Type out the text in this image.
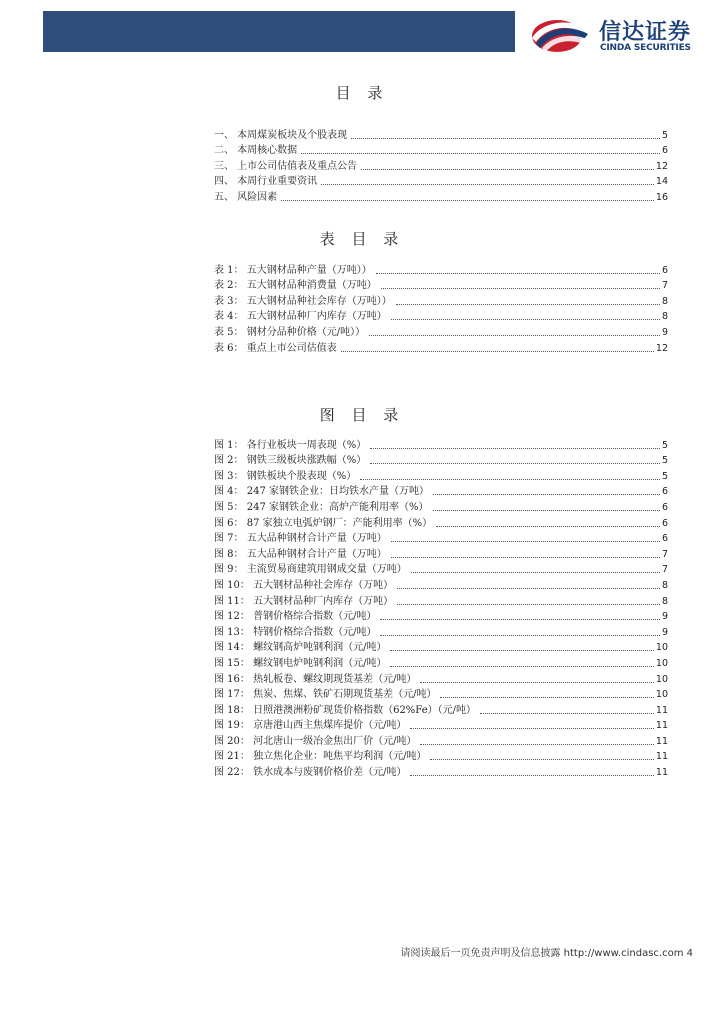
信达证券
CINDA SECURITIES
目 录
一、 本周煤炭板块及个股表现	5
二、 本周核心数据	6
三、 上市公司估值表及重点公告	12
四、 本周行业重要资讯	14
五、 风险因素	16
表 目 录
表 1： 五大钢材品种产量（万吨））	6
表 2： 五大钢材品种消费量（万吨）	7
表 3： 五大钢材品种社会库存（万吨））	8
表 4： 五大钢材品种厂内库存（万吨）	8
表 5： 钢材分品种价格（元/吨））	9
表 6： 重点上市公司估值表	12
图 目 录
图 1： 各行业板块一周表现（%）	5
图 2： 钢铁三级板块涨跌幅（%）	5
图 3： 钢铁板块个股表现（%）	5
图 4： 247 家钢铁企业：日均铁水产量（万吨）	6
图 5： 247 家钢铁企业：高炉产能利用率（%）	6
图 6： 87 家独立电弧炉钢厂：产能利用率（%）	6
图 7： 五大品种钢材合计产量（万吨）	6
图 8： 五大品种钢材合计产量（万吨）	7
图 9： 主流贸易商建筑用钢成交量（万吨）	7
图 10： 五大钢材品种社会库存（万吨）	8
图 11： 五大钢材品种厂内库存（万吨）	8
图 12： 普钢价格综合指数（元/吨）	9
图 13： 特钢价格综合指数（元/吨）	9
图 14： 螺纹钢高炉吨钢利润（元/吨）	10
图 15： 螺纹钢电炉吨钢利润（元/吨）	10
图 16： 热轧板卷、螺纹期现货基差（元/吨）	10
图 17： 焦炭、焦煤、铁矿石期现货基差（元/吨）	10
图 18： 日照港澳洲粉矿现货价格指数（62%Fe）（元/吨）	11
图 19： 京唐港山西主焦煤库提价（元/吨）	11
图 20： 河北唐山一级冶金焦出厂价（元/吨）	11
图 21： 独立焦化企业：吨焦平均利润（元/吨）	11
图 22： 铁水成本与废钢价格价差（元/吨）	11
请阅读最后一页免责声明及信息披露 http://www.cindasc.com 4
